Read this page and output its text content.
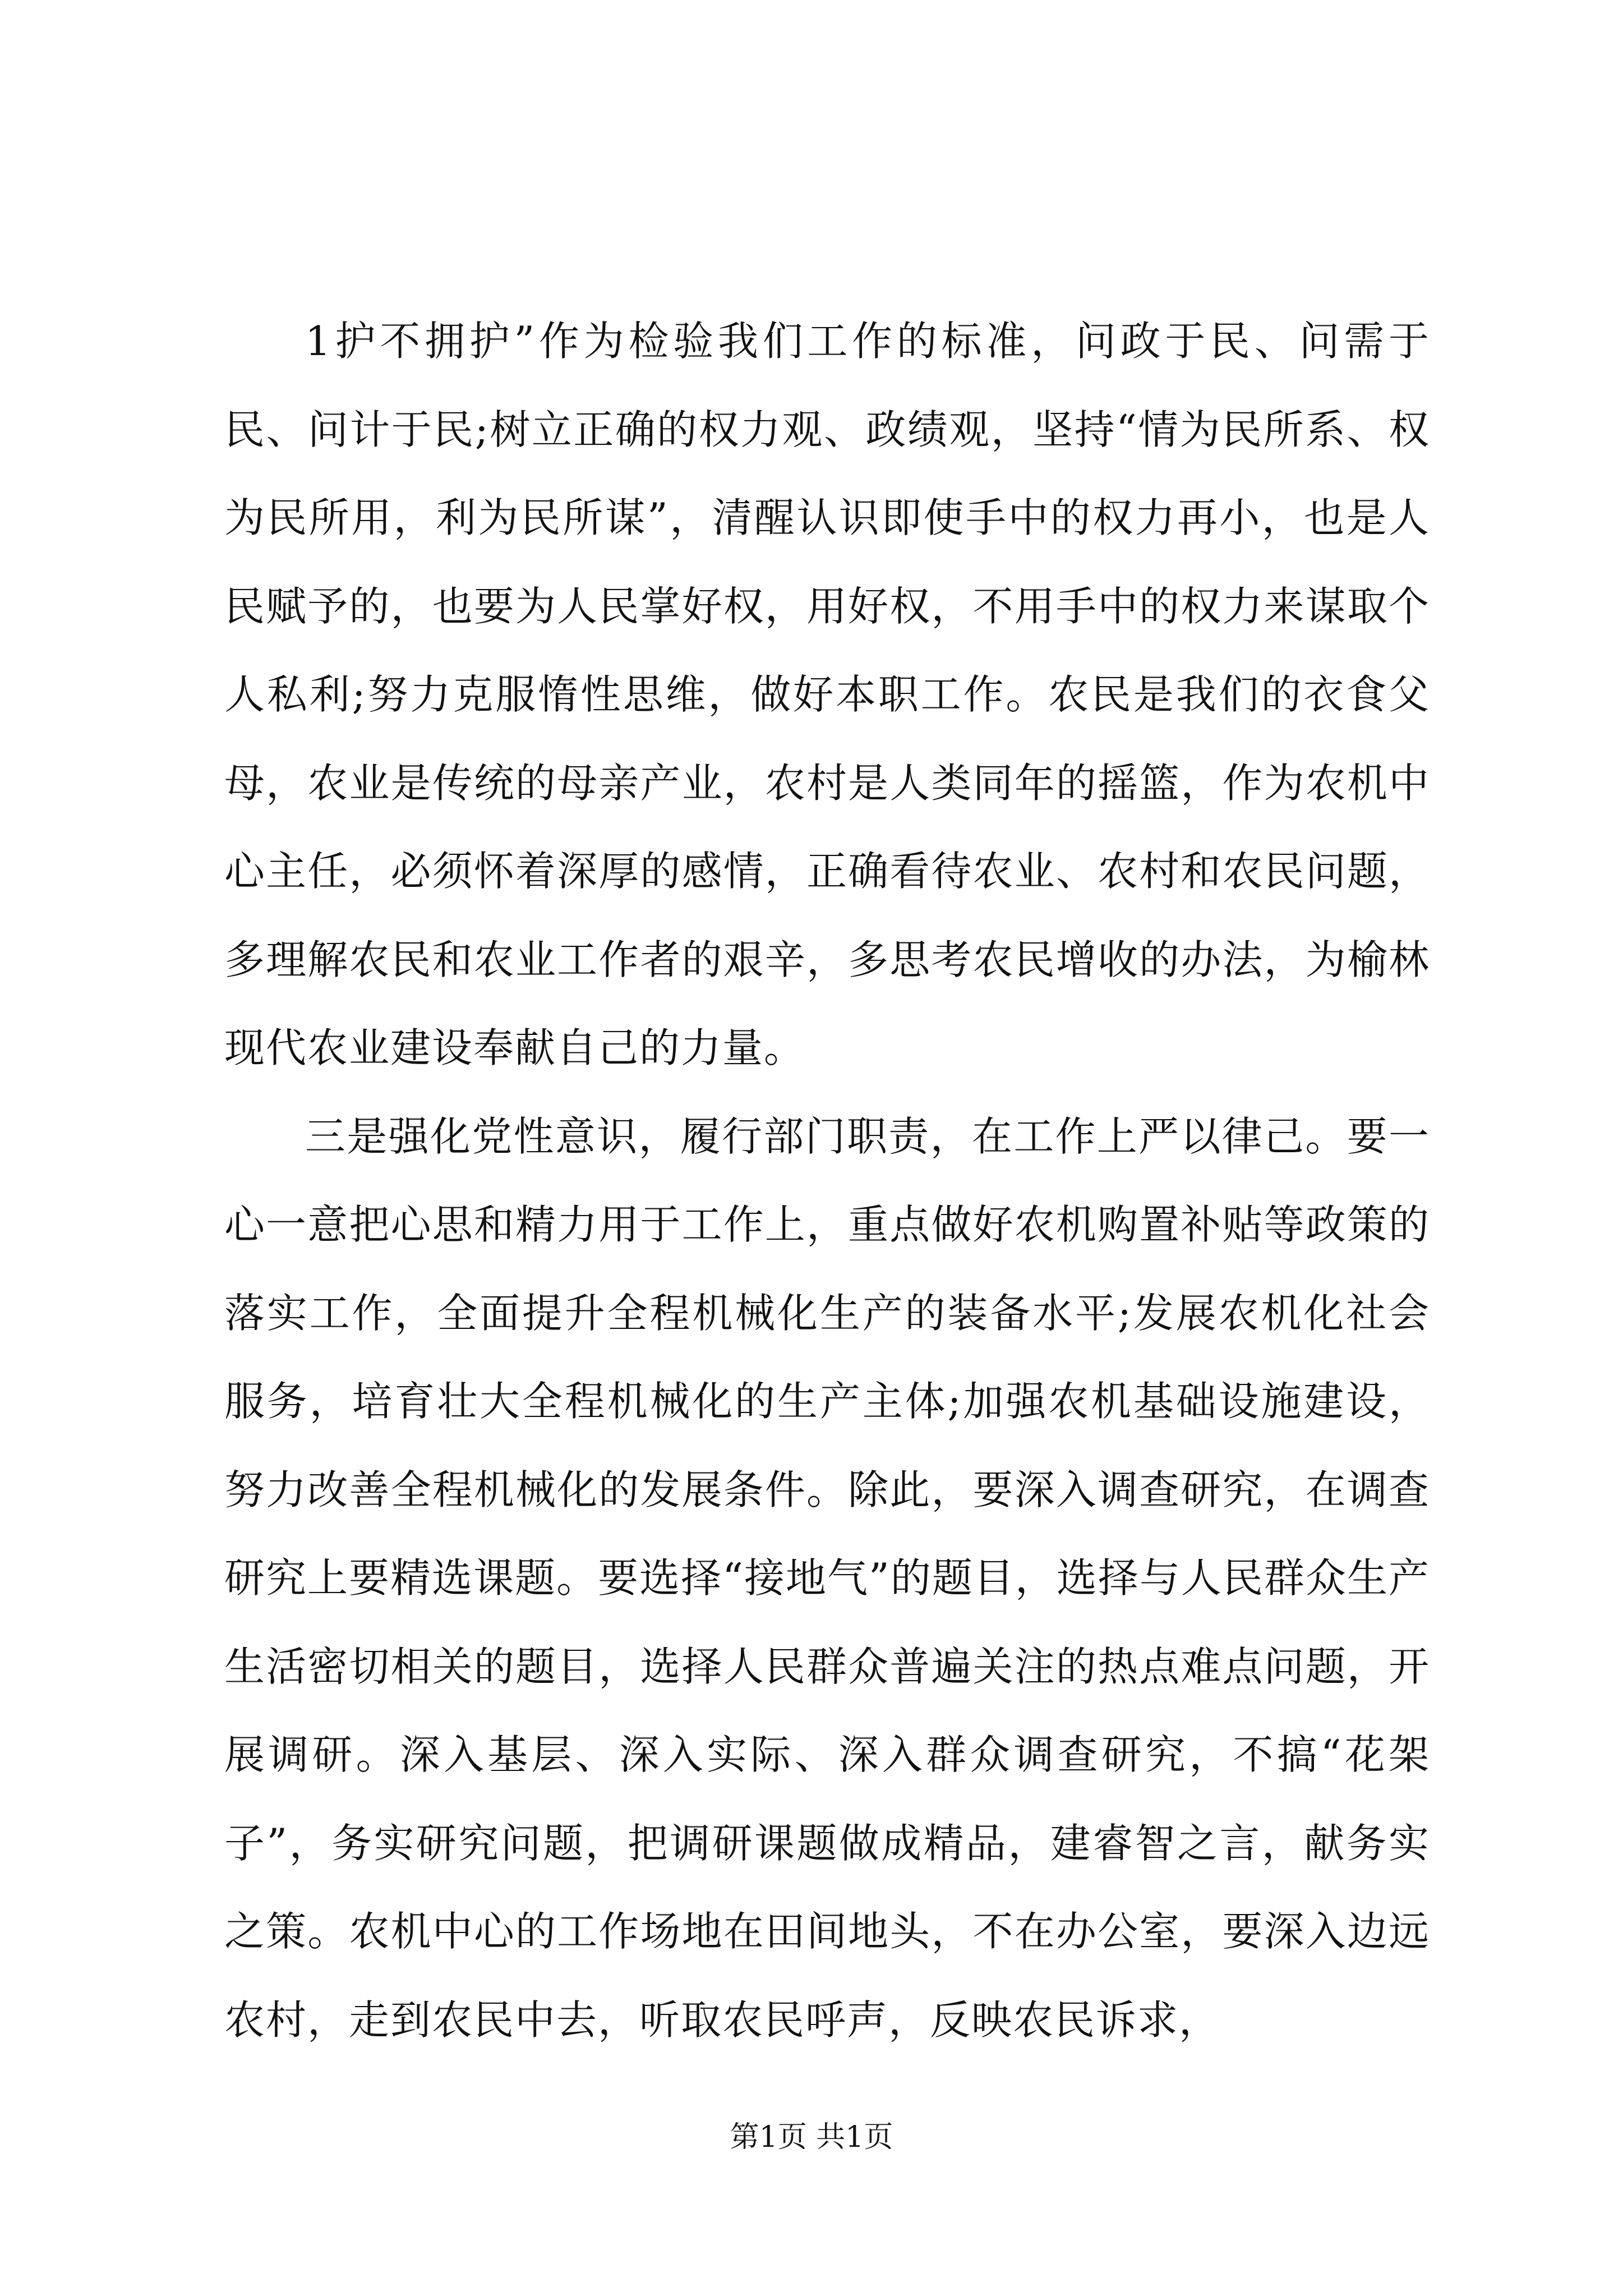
1护不拥护”作为检验我们工作的标准，问政于民、问需于民、问计于民;树立正确的权力观、政绩观，坚持“情为民所系、权为民所用，利为民所谋”，清醒认识即使手中的权力再小，也是人民赋予的，也要为人民掌好权，用好权，不用手中的权力来谋取个人私利;努力克服惰性思维，做好本职工作。农民是我们的衣食父母，农业是传统的母亲产业，农村是人类同年的摇篮，作为农机中心主任，必须怀着深厚的感情，正确看待农业、农村和农民问题，多理解农民和农业工作者的艰辛，多思考农民增收的办法，为榆林现代农业建设奉献自己的力量。

三是强化党性意识，履行部门职责，在工作上严以律己。要一心一意把心思和精力用于工作上，重点做好农机购置补贴等政策的落实工作，全面提升全程机械化生产的装备水平;发展农机化社会服务，培育壮大全程机械化的生产主体;加强农机基础设施建设，努力改善全程机械化的发展条件。除此，要深入调查研究，在调查研究上要精选课题。要选择“接地气”的题目，选择与人民群众生产生活密切相关的题目，选择人民群众普遍关注的热点难点问题，开展调研。深入基层、深入实际、深入群众调查研究，不搞“花架子”，务实研究问题，把调研课题做成精品，建睿智之言，献务实之策。农机中心的工作场地在田间地头，不在办公室，要深入边远农村，走到农民中去，听取农民呼声，反映农民诉求，

第1页 共1页
